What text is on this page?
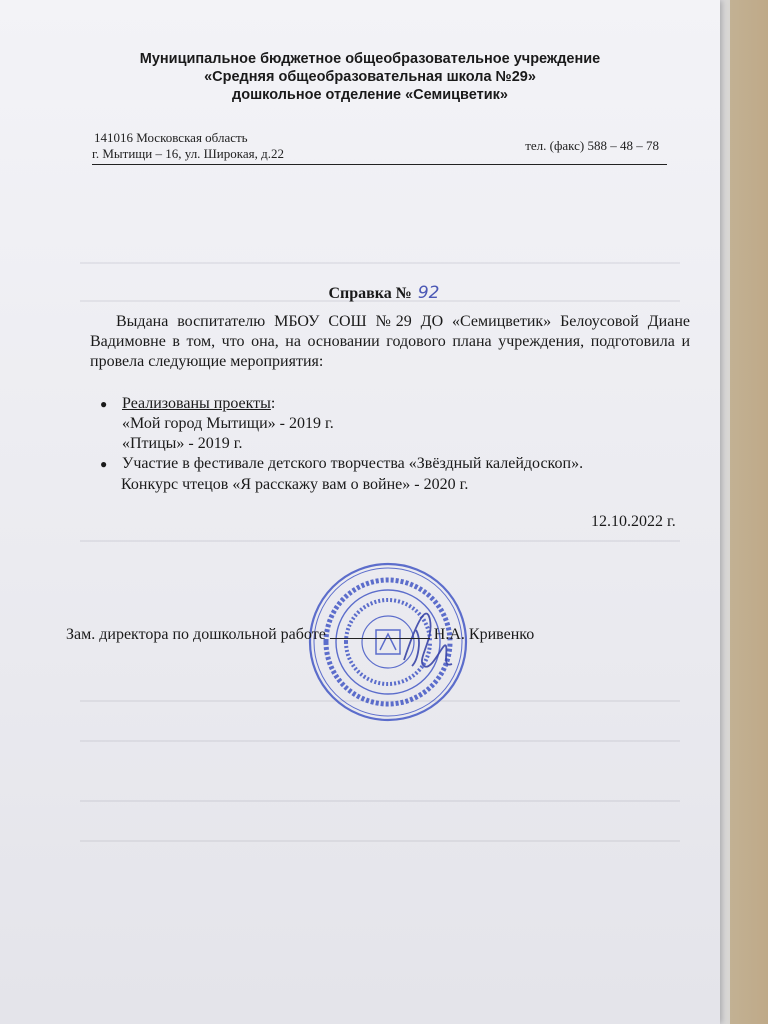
Муниципальное бюджетное общеобразовательное учреждение
«Средняя общеобразовательная школа №29»
дошкольное отделение «Семицветик»
141016 Московская область
г. Мытищи – 16, ул. Широкая, д.22
тел. (факс) 588 – 48 – 78
Справка № 92
Выдана воспитателю МБОУ СОШ №29 ДО «Семицветик» Белоусовой Диане Вадимовне в том, что она, на основании годового плана учреждения, подготовила и провела следующие мероприятия:
● Реализованы проекты:
«Мой город Мытищи» - 2019 г.
«Птицы» - 2019 г.
● Участие в фестивале детского творчества «Звёздный калейдоскоп».
Конкурс чтецов «Я расскажу вам о войне» - 2020 г.
12.10.2022 г.
Зам. директора по дошкольной работе	Н.А. Кривенко
